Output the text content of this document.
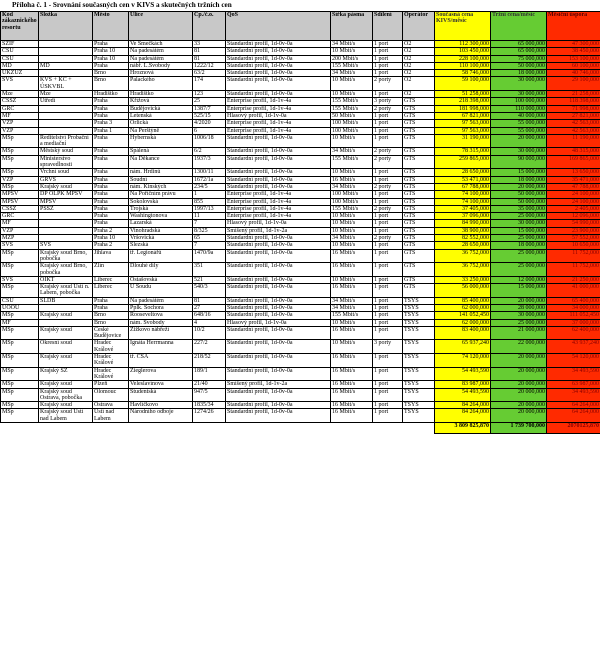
Příloha č. 1 - Srovnání současných cen v KIVS a skutečných tržních cen
Kód zákaznického resortu	Složka	Město	Ulice	Čp./č.o.	QoS	Šířka pásma	Sdílení	Operátor	Současná cena KIVS/měsíc	Tržní cena/měsíc	Měsíční úspora
SZIF		Praha	Ve Smečkách	33	Standardní profil, 1d-0v-0a	34 Mbit/s	1 port	O2	112 300,000	65 000,000	47 300,000
ČSÚ		Praha 10	Na padesátém	81	Standardní profil, 1d-0v-0a	10 Mbit/s	1 port	O2	103 450,000	65 000,000	38 450,000
ČSÚ		Praha 10	Na padesátém	81	Standardní profil, 1d-0v-0a	200 Mbit/s	1 port	O2	228 100,000	75 000,000	153 100,000
MD	MD	Praha	nábř. L.Svobody	1222/12	Standardní profil, 1d-0v-0a	155 Mbit/s	1 port	O2	110 100,000	50 000,000	60 100,000
ÚKZÚZ		Brno	Hroznová	63/2	Standardní profil, 1d-0v-0a	34 Mbit/s	1 port	O2	58 746,000	18 000,000	40 746,000
SVS	KVS + KC + ÚSKVBL	Brno	Palackého	174	Standardní profil, 1d-0v-0a	10 Mbit/s	2 porty	O2	59 100,000	30 000,000	29 100,000
Mze	Mze	Hradištko	Hradištko	123	Standardní profil, 1d-0v-0a	10 Mbit/s	1 port	O2	51 258,000	30 000,000	21 258,000
ČSSZ	Útředí	Praha	Křížová	25	Enterprise profil, 1d-1v-4a	155 Mbit/s	3 porty	GTS	218 398,000	100 000,000	118 398,000
GŘC		Praha	Budějovická	1387/7	Enterprise profil, 1d-1v-4a	155 Mbit/s	2 porty	GTS	181 998,000	110 000,000	71 998,000
MF		Praha	Letenská	525/15	Hlasový profil, 1d-1v-0a	50 Mbit/s	1 port	GTS	67 821,000	40 000,000	27 821,000
VZP		Praha 3	Orlická	4/2020	Enterprise profil, 1d-1v-4a	100 Mbit/s	1 port	GTS	97 563,000	55 000,000	42 563,000
VZP		Praha 1	Na Perštýně	6	Enterprise profil, 1d-1v-4a	100 Mbit/s	1 port	GTS	97 563,000	55 000,000	42 563,000
MSp	Ředitelství Probační a mediační	Praha	Hybernská	1006/18	Standardní profil, 1d-0v-0a	10 Mbit/s	1 port	GTS	31 190,000	20 000,000	11 190,000
MSp	Městský soud	Praha	Spálená	6/2	Standardní profil, 1d-0v-0a	34 Mbit/s	2 porty	GTS	78 315,000	30 000,000	48 315,000
MSp	Ministerstvo spravedlnosti	Praha	Na Děkance	1937/3	Standardní profil, 1d-0v-0a	155 Mbit/s	2 porty	GTS	259 865,000	90 000,000	169 865,000
MSp	Vrchní soud	Praha	nám. Hrdinů	1300/11	Standardní profil, 1d-0v-0a	10 Mbit/s	1 port	GTS	28 650,000	15 000,000	13 650,000
VZP	GŘVS	Praha	Soudní	1672/1a	Standardní profil, 1d-0v-0a	16 Mbit/s	1 port	GTS	53 471,000	18 000,000	35 471,000
MSp	Krajský soud	Praha	nám. Kinských	234/5	Standardní profil, 1d-0v-0a	34 Mbit/s	2 porty	GTS	67 788,000	20 000,000	47 788,000
MPSV	DP OLPK MPSV	Praha	Na Poříčním právu	1	Enterprise profil, 1d-1v-4a	100 Mbit/s	1 port	GTS	74 100,000	50 000,000	24 100,000
MPSV	MPSV	Praha	Sokolovská	855	Enterprise profil, 1d-1v-4a	100 Mbit/s	1 port	GTS	74 100,000	50 000,000	24 100,000
ČSSZ	PSSZ	Praha	Trojská	1997/13	Enterprise profil, 1d-1v-4a	155 Mbit/s	2 porty	GTS	37 405,000	35 000,000	2 405,000
GŘC		Praha	Washingtonova	11	Enterprise profil, 1d-1v-4a	10 Mbit/s	1 port	GTS	37 096,000	25 000,000	12 096,000
MF		Praha	Lazarská	7	Hlasový profil, 1d-1v-0a	10 Mbit/s	1 port	GTS	84 990,000	30 000,000	54 990,000
VZP		Praha 2	Vinohradská	8/325	Smíšený profil, 1d-1v-2a	10 Mbit/s	1 port	GTS	38 900,000	15 000,000	23 900,000
MŽP		Praha 10	Vršovická	65	Standardní profil, 1d-0v-0a	34 Mbit/s	2 porty	GTS	82 552,000	25 000,000	57 552,000
SVS	SVS	Praha 2	Slezská	7	Standardní profil, 1d-0v-0a	10 Mbit/s	1 port	GTS	28 650,000	18 000,000	10 650,000
MSp	Krajský soud Brno, pobočka	Jihlava	tř. Legionářů	1470/9a	Standardní profil, 1d-0v-0a	16 Mbit/s	1 port	GTS	36 752,000	25 000,000	11 752,000
MSp	Krajský soud Brno, pobočka	Zlín	Dlouhé díly	351	Standardní profil, 1d-0v-0a	16 Mbit/s	1 port	GTS	36 752,000	25 000,000	11 752,000
SVS	OIKT	Liberec	Ostašovská	521	Standardní profil, 1d-0v-0a	10 Mbit/s	1 port	GTS	33 250,000	12 000,000	21 250,000
MSp	Krajský soud Ústí n. Labem, pobočka	Liberec	U Soudu	540/3	Standardní profil, 1d-0v-0a	16 Mbit/s	1 port	GTS	56 000,000	15 000,000	41 000,000
ČSÚ	SLDB	Praha	Na padesátém	81	Standardní profil, 1d-0v-0a	34 Mbit/s	1 port	TSYS	85 400,000	20 000,000	65 400,000
ÚOOÚ		Praha	Pplk. Sochora	27	Standardní profil, 1d-0v-0a	34 Mbit/s	1 port	TSYS	62 000,000	28 000,000	34 000,000
MSp	Krajský soud	Brno	Rooseveltova	648/16	Standardní profil, 1d-0v-0a	155 Mbit/s	1 port	TSYS	141 052,450	30 000,000	111 052,450
MF		Brno	nám. Svobody	4	Hlasový profil, 1d-1v-0a	10 Mbit/s	1 port	TSYS	62 000,000	25 000,000	37 000,000
MSp	Krajský soud	České Budějovice	Žižkovo nábřeží	10/2	Standardní profil, 1d-0v-0a	16 Mbit/s	1 port	TSYS	83 400,000	21 000,000	62 400,000
MSp	Okresní soud	Hradec Králové	Ignáta Herrmanna	227/2	Standardní profil, 1d-0v-0a	10 Mbit/s	3 porty	TSYS	65 937,240	22 000,000	43 937,240
MSp	Krajský soud	Hradec Králové	tř. ČSA	218/52	Standardní profil, 1d-0v-0a	16 Mbit/s	1 port	TSYS	74 120,000	20 000,000	54 120,000
MSp	Krajský SZ	Hradec Králové	Zieglerova	189/1	Standardní profil, 1d-0v-0a	16 Mbit/s	1 port	TSYS	54 493,590	20 000,000	34 493,590
MSp	Krajský soud	Plzeň	Veleslavínova	21/40	Smíšený profil, 1d-1v-2a	16 Mbit/s	1 port	TSYS	83 987,000	20 000,000	63 987,000
MSp	Krajský soud Ostrava, pobočka	Olomouc	Studentská	947/5	Standardní profil, 1d-0v-0a	16 Mbit/s	1 port	TSYS	54 493,590	20 000,000	34 493,590
MSp	Krajský soud	Ostrava	Havlíčkovo	1835/34	Standardní profil, 1d-0v-0a	16 Mbit/s	1 port	TSYS	84 264,000	20 000,000	64 264,000
MSp	Krajský soud Ústí nad Labem	Ústí nad Labem	Národního odboje	1274/26	Standardní profil, 1d-0v-0a	16 Mbit/s	1 port	TSYS	84 264,000	20 000,000	64 264,000
									3 809 825,870	1 739 700,000	2070125,870
